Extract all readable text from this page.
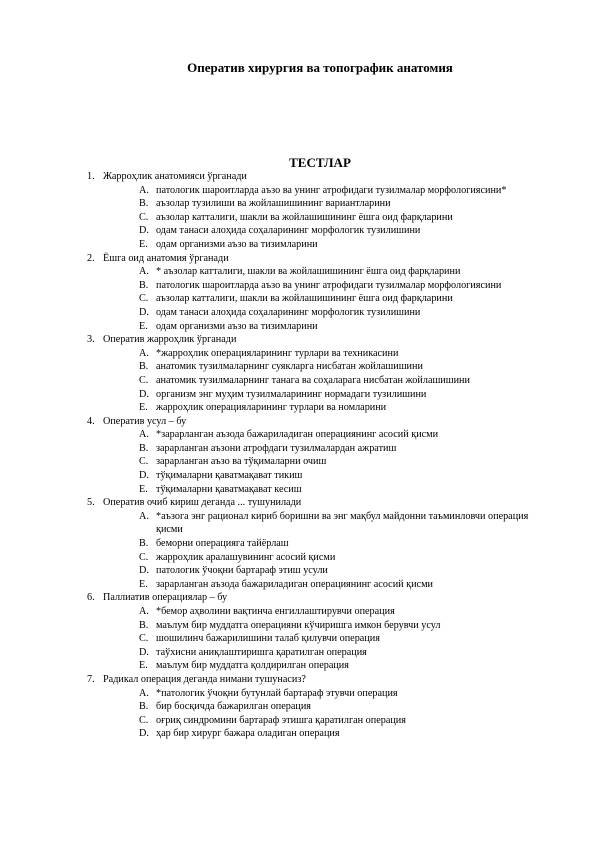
Оператив хирургия ва топографик анатомия
ТЕСТЛАР
1. Жарроҳлик анатомияси ўрганади
A. патологик шароитларда аъзо ва унинг атрофидаги тузилмалар морфологиясини*
B. аъзолар тузилиши ва жойлашишининг вариантларини
C. аъзолар катталиги, шакли ва жойлашишининг ёшга оид фарқларини
D. одам танаси алоҳида соҳаларининг морфологик тузилишини
E. одам организми аъзо ва тизимларини
2. Ёшга оид анатомия ўрганади
A. * аъзолар катталиги, шакли ва жойлашишининг ёшга оид фарқларини
B. патологик шароитларда аъзо ва унинг атрофидаги тузилмалар морфологиясини
C. аъзолар катталиги, шакли ва жойлашишининг ёшга оид фарқларини
D. одам танаси алоҳида соҳаларининг морфологик тузилишини
E. одам организми аъзо ва тизимларини
3. Оператив жарроҳлик ўрганади
A. *жарроҳлик операцияларининг турлари ва техникасини
B. анатомик тузилмаларнинг суякларга нисбатан жойлашишини
C. анатомик тузилмаларнинг танага ва соҳаларага нисбатан жойлашишини
D. организм энг муҳим тузилмаларининг нормадаги тузилишини
E. жарроҳлик операцияларининг турлари ва номларини
4. Оператив усул – бу
A. *зарарланган аъзода бажариладиган операциянинг асосий қисми
B. зарарланган аъзони атрофдаги тузилмалардан ажратиш
C. зарарланган аъзо ва тўқималарни очиш
D. тўқималарни қаватмақават тикиш
E. тўқималарни қаватмақават кесиш
5. Оператив очиб кириш деганда ... тушунилади
A. *аъзога энг рационал кириб боришни ва энг мақбул майдонни таъминловчи операция қисми
B. беморни операцияга тайёрлаш
C. жарроҳлик аралашувининг асосий қисми
D. патологик ўчоқни бартараф этиш усули
E. зарарланган аъзода бажариладиган операциянинг асосий қисми
6. Паллиатив операциялар – бу
A. *бемор аҳволини вақтинча енгиллаштирувчи операция
B. маълум бир муддатга операцияни кўчиришга имкон берувчи усул
C. шошилинч бажарилишини талаб қилувчи операция
D. таўхисни аниқлаштиришга қаратилган операция
E. маълум бир муддатга қолдирилган операция
7. Радикал операция деганда нимани тушунасиз?
A. *патологик ўчоқни бутунлай бартараф этувчи операция
B. бир босқичда бажарилган операция
C. оғриқ синдромини бартараф этишга қаратилган операция
D. ҳар бир хирург бажара оладиган операция
